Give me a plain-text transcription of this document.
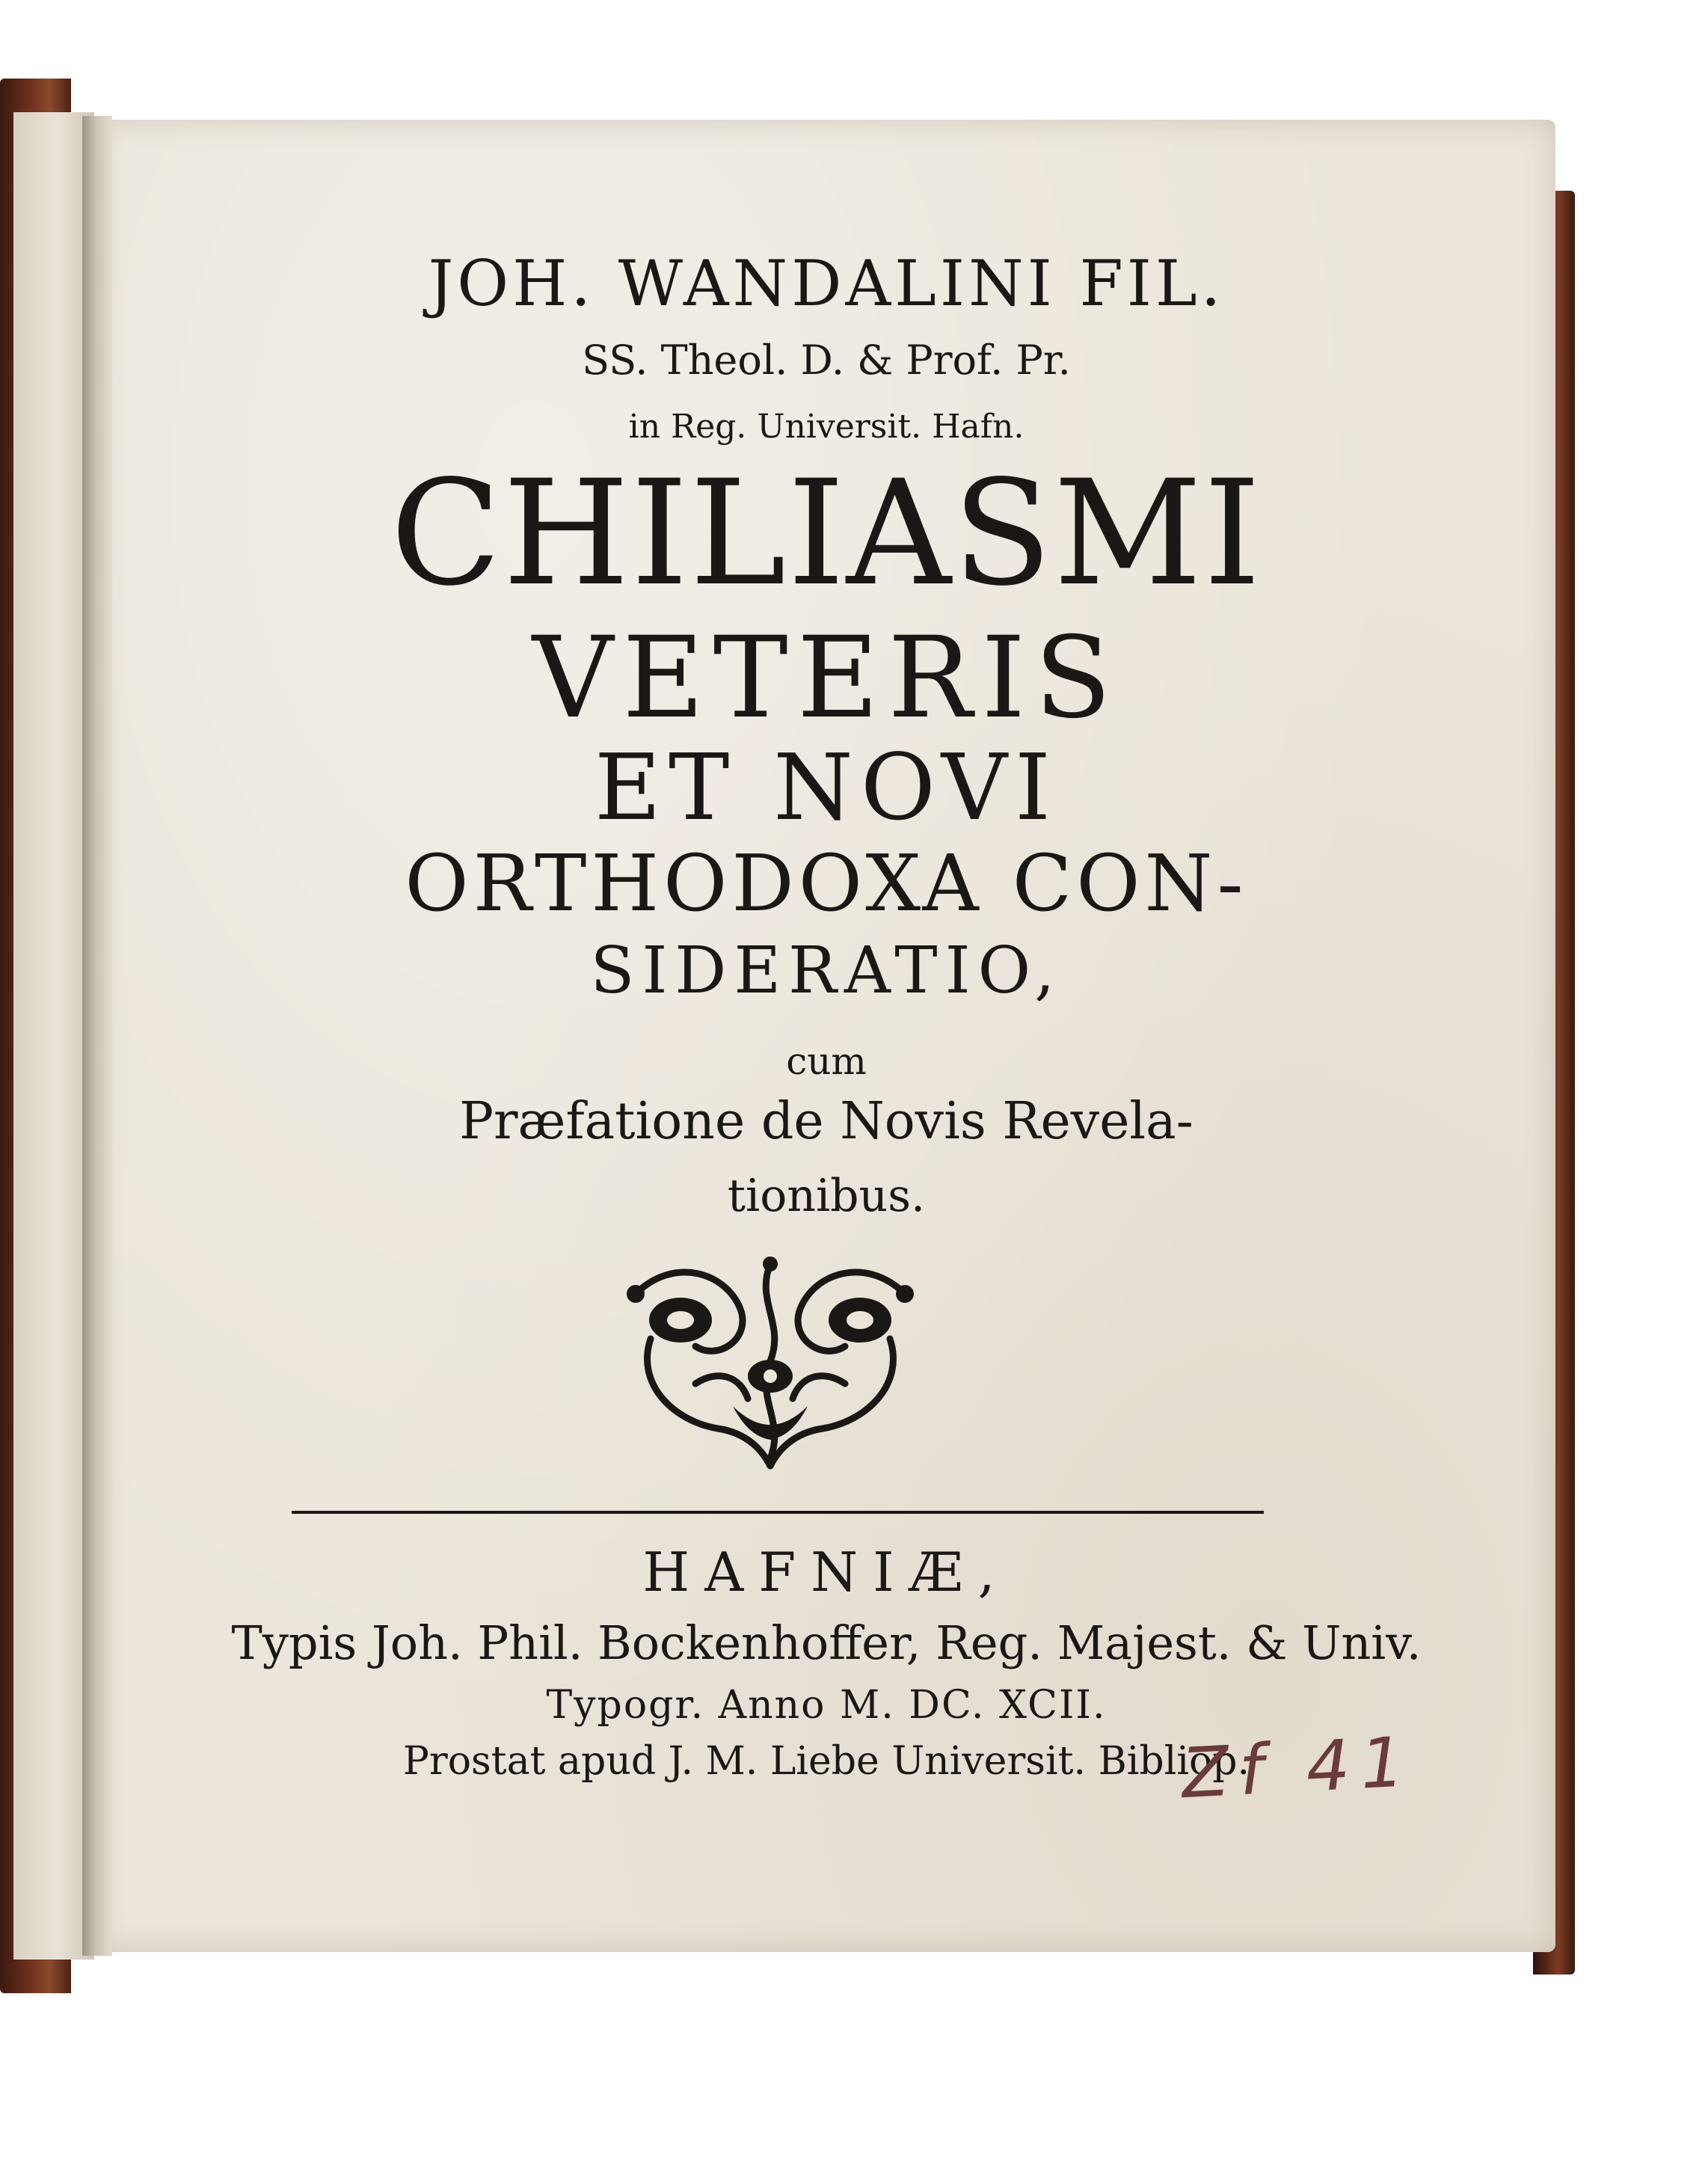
JOH. WANDALINI FIL.
SS. Theol. D. & Prof. Pr.
in Reg. Universit. Hafn.
CHILIASMI
VETERIS
ET NOVI
ORTHODOXA CON-
SIDERATIO,
cum
Præfatione de Novis Revela-
tionibus.
HAFNIÆ,
Typis Joh. Phil. Bockenhoffer, Reg. Majest. & Univ.
Typogr. Anno M. DC. XCII.
Prostat apud J. M. Liebe Universit. Bibliop.
Zf 41
